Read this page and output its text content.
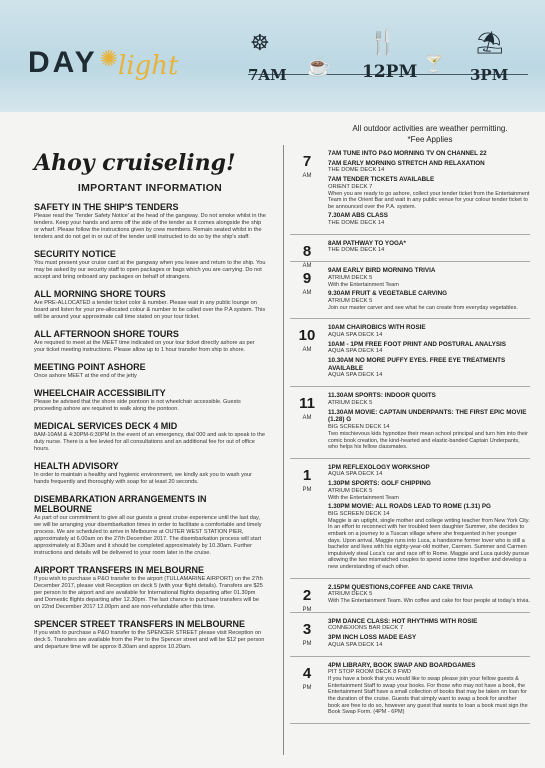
DAY✺light
☸
7AM ☕
🍴
12PM 🍸
⛱
3PM
All outdoor activities are weather permitting.
*Fee Applies
Ahoy cruiseling!
IMPORTANT INFORMATION
SAFETY IN THE SHIP'S TENDERS

Please read the 'Tender Safety Notice' at the head of the gangway. Do not smoke whilst in the tenders. Keep your hands and arms off the side of the tender as it comes alongside the ship or wharf. Please follow the instructions given by crew members. Remain seated whilst in the tenders and do not get in or out of the tender until instructed to do so by the ship's staff.

SECURITY NOTICE

You must present your cruise card at the gangway when you leave and return to the ship. You may be asked by our security staff to open packages or bags which you are carrying. Do not accept and bring onboard any packages on behalf of strangers.

ALL MORNING SHORE TOURS

Are PRE-ALLOCATED a tender ticket color & number. Please wait in any public lounge on board and listen for your pre-allocated colour & number to be called over the P.A system. This will be around your approximate call time stated on your tour ticket.

ALL AFTERNOON SHORE TOURS

Are required to meet at the MEET time indicated on your tour ticket directly ashore as per your ticket meeting instructions. Please allow up to 1 hour transfer from ship to shore.

MEETING POINT ASHORE

Once ashore MEET at the end of the jetty

WHEELCHAIR ACCESSIBILITY

Please be advised that the shore side pontoon is not wheelchair accessible. Guests proceeding ashore are required to walk along the pontoon.

MEDICAL SERVICES DECK 4 MID

8AM-10AM & 4:30PM-6:30PM In the event of an emergency, dial 000 and ask to speak to the duty nurse. There is a fee levied for all consultations and an additional fee for out of office hours.

HEALTH ADVISORY

In order to maintain a healthy and hygienic environment, we kindly ask you to wash your hands frequently and thoroughly with soap for at least 20 seconds.

DISEMBARKATION ARRANGEMENTS IN MELBOURNE

As part of our commitment to give all our guests a great cruise experience until the last day, we will be arranging your disembarkation times in order to facilitate a comfortable and timely process. We are scheduled to arrive in Melbourne at OUTER WEST STATION PIER, approximately at 6.00am on the 27th December 2017. The disembarkation process will start approximately at 8.30am and it should be completed approximately by 10.30am. Further instructions and details will be delivered to your room later in the cruise.

AIRPORT TRANSFERS IN MELBOURNE

If you wish to purchase a P&O transfer to the airport (TULLAMARINE AIRPORT) on the 27th December 2017, please visit Reception on deck 5 (with your flight details). Transfers are $25 per person to the airport and are available for International flights departing after 01.30pm and Domestic flights departing after 12.30pm. The last chance to purchase transfers will be on 22nd December 2017 12.00pm and are non-refundable after this time.

SPENCER STREET TRANSFERS IN MELBOURNE

If you wish to purchase a P&O transfer to the SPENCER STREET please visit Reception on deck 5. Transfers are available from the Pier to the Spencer street and will be $12 per person and departure time will be approx 8.30am and approx 10.20am.

7
AM
7AM TUNE INTO P&O MORNING TV ON CHANNEL 22
7AM EARLY MORNING STRETCH AND RELAXATION
THE DOME DECK 14
7AM TENDER TICKETS AVAILABLE
ORIENT DECK 7
When you are ready to go ashore, collect your tender ticket from the Entertainment Team in the Orient Bar and wait in any public venue for your colour tender ticket to be announced over the P.A. system.
7.30AM ABS CLASS
THE DOME DECK 14
8
AM
8AM PATHWAY TO YOGA*
THE DOME DECK 14
9
AM
9AM EARLY BIRD MORNING TRIVIA
ATRIUM DECK 5
With the Entertainment Team
9.30AM FRUIT & VEGETABLE CARVING
ATRIUM DECK 5
Join our master carver and see what he can create from everyday vegetables.
10
AM
10AM CHAIROBICS WITH ROSIE
AQUA SPA DECK 14
10AM - 1PM FREE FOOT PRINT AND POSTURAL ANALYSIS
AQUA SPA DECK 14
10.30AM NO MORE PUFFY EYES. FREE EYE TREATMENTS AVAILABLE
AQUA SPA DECK 14
11
AM
11.30AM SPORTS: INDOOR QUOITS
ATRIUM DECK 5
11.30AM MOVIE: CAPTAIN UNDERPANTS: THE FIRST EPIC MOVIE (1.28) G
BIG SCREEN DECK 14
Two mischievous kids hypnotize their mean school principal and turn him into their comic book creation, the kind-hearted and elastic-banded Captain Underpants, who helps his fellow classmates.
1
PM
1PM REFLEXOLOGY WORKSHOP
AQUA SPA DECK 14
1.30PM SPORTS: GOLF CHIPPING
ATRIUM DECK 5
With the Entertainment Team
1.30PM MOVIE: ALL ROADS LEAD TO ROME (1.31) PG
BIG SCREEN DECK 14
Maggie is an uptight, single mother and college writing teacher from New York City. In an effort to reconnect with her troubled teen daughter Summer, she decides to embark on a journey to a Tuscan village where she frequented in her younger days. Upon arrival, Maggie runs into Luca, a handsome former lover who is still a bachelor and lives with his eighty-year-old mother, Carmen. Summer and Carmen impulsively steal Luca's car and race off to Rome. Maggie and Luca quickly pursue allowing the two mismatched couples to spend some time together and develop a new understanding of each other.
2
PM
2.15PM QUESTIONS,COFFEE AND CAKE TRIVIA
ATRIUM DECK 5
With The Entertainment Team. Win coffee and cake for four people at today's trivia.
3
PM
3PM DANCE CLASS: HOT RHYTHMS WITH ROSIE
CONNEXIONS BAR DECK 7
3PM INCH LOSS MADE EASY
AQUA SPA DECK 14
4
PM
4PM LIBRARY, BOOK SWAP AND BOARDGAMES
PIT STOP ROOM DECK 8 FWD
If you have a book that you would like to swap please join your fellow guests & Entertainment Staff to swap your books. For those who may not have a book, the Entertainment Staff have a small collection of books that may be taken on loan for the duration of the cruise. Guests that simply want to swap a book for another book are free to do so, however any guest that wants to loan a book must sign the Book Swap Form. (4PM - 6PM)
